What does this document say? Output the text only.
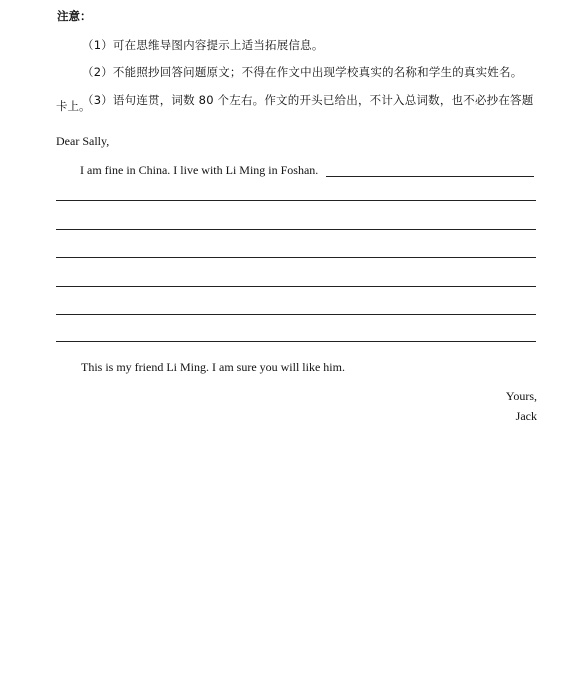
注意：
（1）可在思维导图内容提示上适当拓展信息。
（2）不能照抄回答问题原文；不得在作文中出现学校真实的名称和学生的真实姓名。
（3）语句连贯，词数 80 个左右。作文的开头已给出，不计入总词数，也不必抄在答题
卡上。
Dear Sally,
I am fine in China. I live with Li Ming in Foshan.
This is my friend Li Ming. I am sure you will like him.
Yours,
Jack
